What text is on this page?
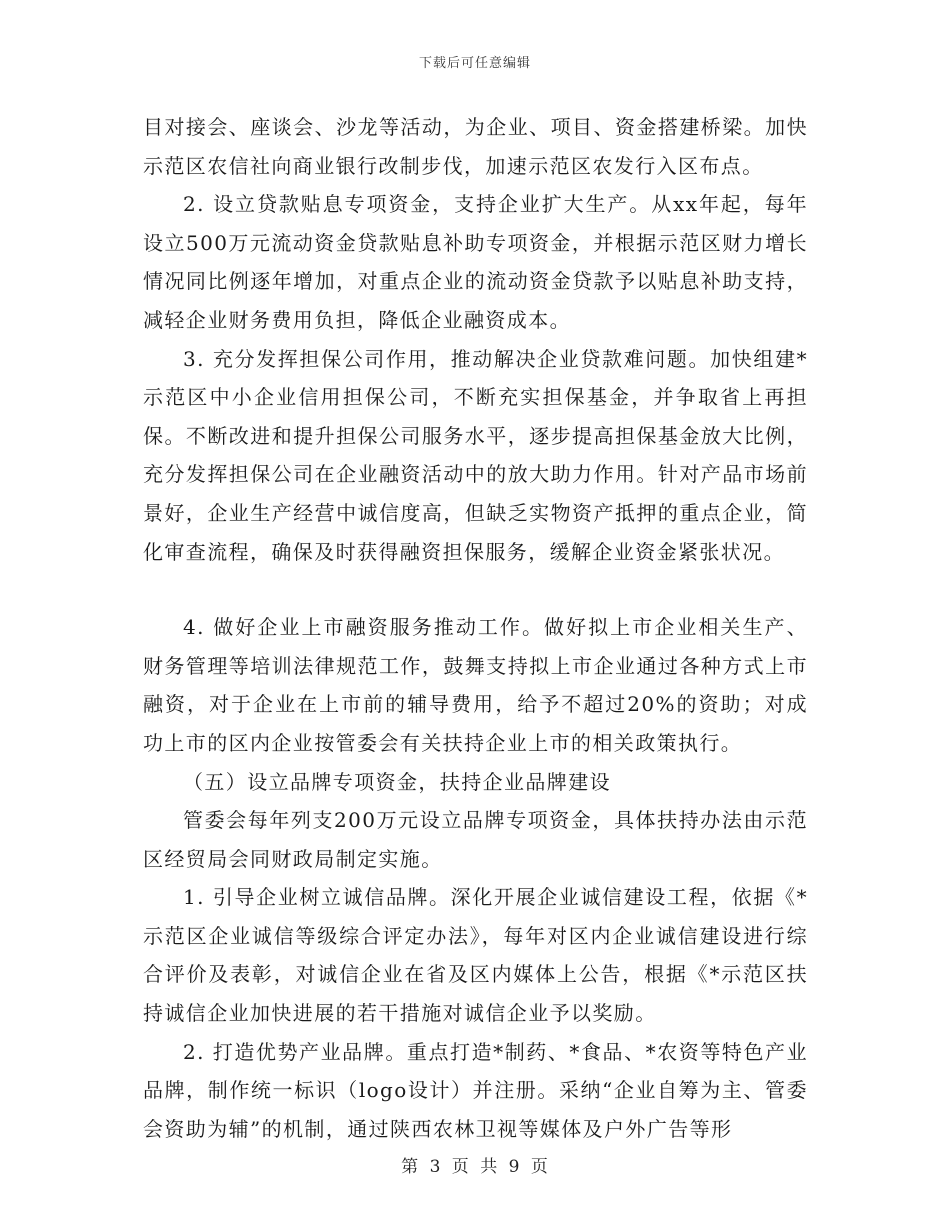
下载后可任意编辑

目对接会、座谈会、沙龙等活动，为企业、项目、资金搭建桥梁。加快示范区农信社向商业银行改制步伐，加速示范区农发行入区布点。

2. 设立贷款贴息专项资金，支持企业扩大生产。从xx年起，每年设立500万元流动资金贷款贴息补助专项资金，并根据示范区财力增长情况同比例逐年增加，对重点企业的流动资金贷款予以贴息补助支持，减轻企业财务费用负担，降低企业融资成本。

3. 充分发挥担保公司作用，推动解决企业贷款难问题。加快组建*示范区中小企业信用担保公司，不断充实担保基金，并争取省上再担保。不断改进和提升担保公司服务水平，逐步提高担保基金放大比例，充分发挥担保公司在企业融资活动中的放大助力作用。针对产品市场前景好，企业生产经营中诚信度高，但缺乏实物资产抵押的重点企业，简化审查流程，确保及时获得融资担保服务，缓解企业资金紧张状况。

4. 做好企业上市融资服务推动工作。做好拟上市企业相关生产、财务管理等培训法律规范工作，鼓舞支持拟上市企业通过各种方式上市融资，对于企业在上市前的辅导费用，给予不超过20%的资助；对成功上市的区内企业按管委会有关扶持企业上市的相关政策执行。

（五）设立品牌专项资金，扶持企业品牌建设

管委会每年列支200万元设立品牌专项资金，具体扶持办法由示范区经贸局会同财政局制定实施。

1. 引导企业树立诚信品牌。深化开展企业诚信建设工程，依据《*示范区企业诚信等级综合评定办法》，每年对区内企业诚信建设进行综合评价及表彰，对诚信企业在省及区内媒体上公告，根据《*示范区扶持诚信企业加快进展的若干措施对诚信企业予以奖励。

2. 打造优势产业品牌。重点打造*制药、*食品、*农资等特色产业品牌，制作统一标识（logo设计）并注册。采纳“企业自筹为主、管委会资助为辅”的机制，通过陕西农林卫视等媒体及户外广告等形

第 3 页 共 9 页
